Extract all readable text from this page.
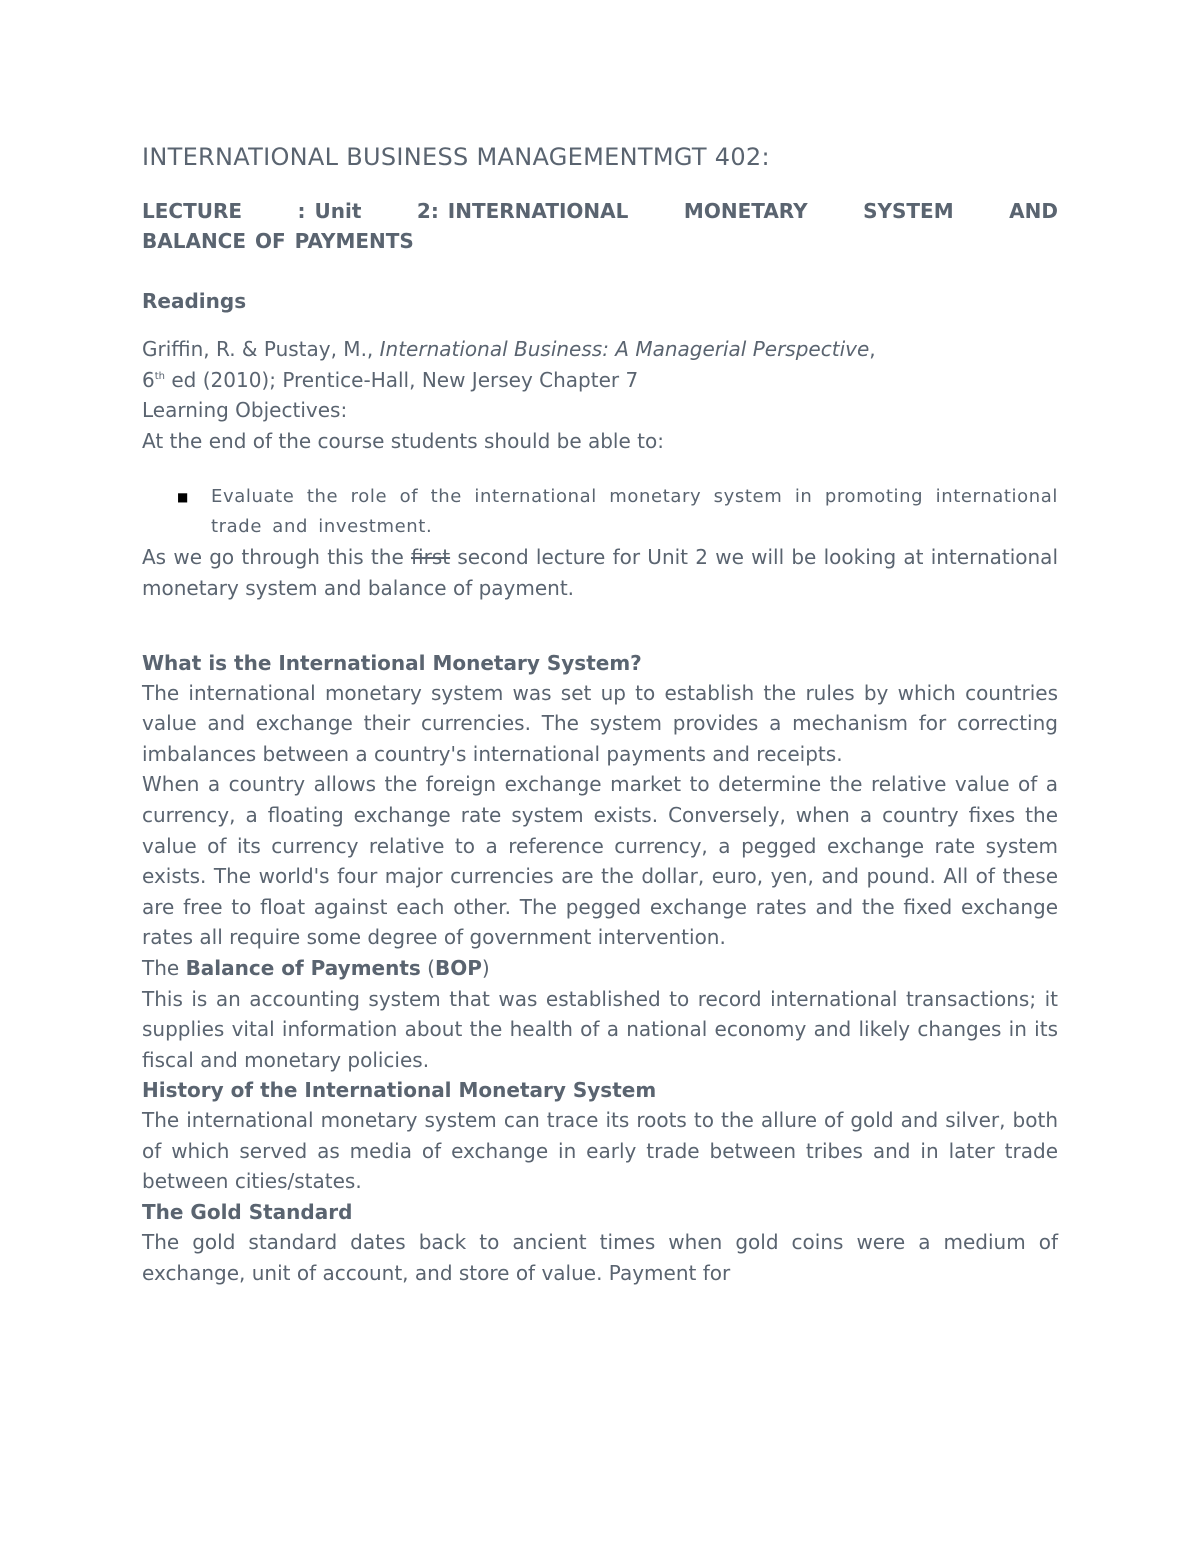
INTERNATIONAL BUSINESS MANAGEMENTMGT 402:
LECTURE	: Unit	2: INTERNATIONAL	MONETARY	SYSTEM	AND
BALANCE OF PAYMENTS
Readings

Griffin, R. & Pustay, M., International Business: A Managerial Perspective,

6th ed (2010); Prentice-Hall, New Jersey Chapter 7

Learning Objectives:

At the end of the course students should be able to:

■ Evaluate the role of the international monetary system in promoting international trade and investment.

As we go through this the first second lecture for Unit 2 we will be looking at international monetary system and balance of payment.

What is the International Monetary System?

The international monetary system was set up to establish the rules by which countries value and exchange their currencies. The system provides a mechanism for correcting imbalances between a country's international payments and receipts.

When a country allows the foreign exchange market to determine the relative value of a currency, a floating exchange rate system exists. Conversely, when a country fixes the value of its currency relative to a reference currency, a pegged exchange rate system exists. The world's four major currencies are the dollar, euro, yen, and pound. All of these are free to float against each other. The pegged exchange rates and the fixed exchange rates all require some degree of government intervention.

The Balance of Payments (BOP)

This is an accounting system that was established to record international transactions; it supplies vital information about the health of a national economy and likely changes in its fiscal and monetary policies.

History of the International Monetary System

The international monetary system can trace its roots to the allure of gold and silver, both of which served as media of exchange in early trade between tribes and in later trade between cities/states.

The Gold Standard

The gold standard dates back to ancient times when gold coins were a medium of exchange, unit of account, and store of value. Payment for
